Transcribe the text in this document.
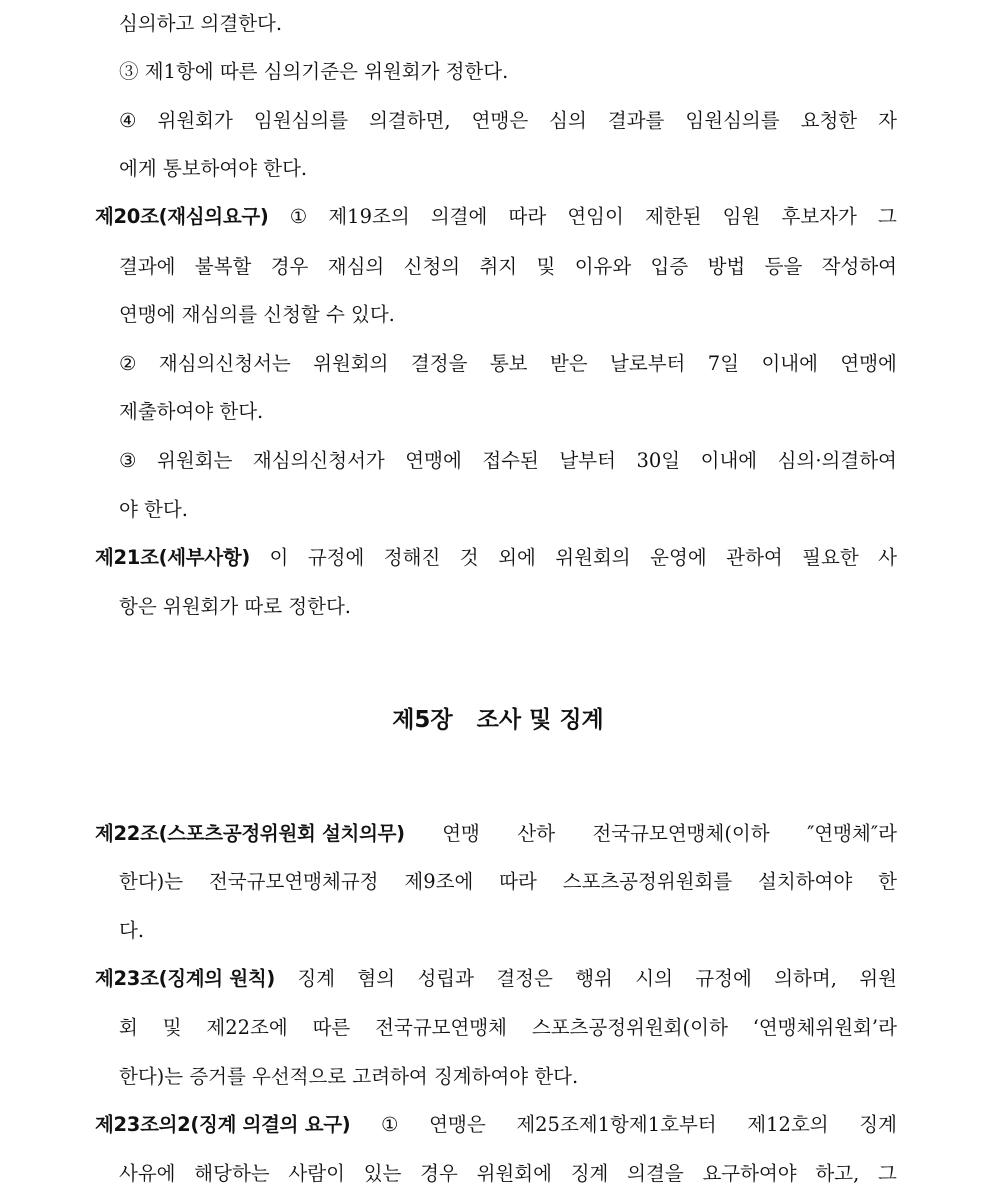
심의하고 의결한다.
③ 제1항에 따른 심의기준은 위원회가 정한다.
④ 위원회가 임원심의를 의결하면, 연맹은 심의 결과를 임원심의를 요청한 자
에게 통보하여야 한다.
제20조(재심의요구) ① 제19조의 의결에 따라 연임이 제한된 임원 후보자가 그
결과에 불복할 경우 재심의 신청의 취지 및 이유와 입증 방법 등을 작성하여
연맹에 재심의를 신청할 수 있다.
② 재심의신청서는 위원회의 결정을 통보 받은 날로부터 7일 이내에 연맹에
제출하여야 한다.
③ 위원회는 재심의신청서가 연맹에 접수된 날부터 30일 이내에 심의·의결하여
야 한다.
제21조(세부사항) 이 규정에 정해진 것 외에 위원회의 운영에 관하여 필요한 사
항은 위원회가 따로 정한다.
제22조(스포츠공정위원회 설치의무) 연맹 산하 전국규모연맹체(이하 ″연맹체″라
한다)는 전국규모연맹체규정 제9조에 따라 스포츠공정위원회를 설치하여야 한
다.
제23조(징계의 원칙) 징계 혐의 성립과 결정은 행위 시의 규정에 의하며, 위원
회 및 제22조에 따른 전국규모연맹체 스포츠공정위원회(이하 ‘연맹체위원회’라
한다)는 증거를 우선적으로 고려하여 징계하여야 한다.
제23조의2(징계 의결의 요구) ① 연맹은 제25조제1항제1호부터 제12호의 징계
사유에 해당하는 사람이 있는 경우 위원회에 징계 의결을 요구하여야 하고, 그
제5장   조사 및 징계
